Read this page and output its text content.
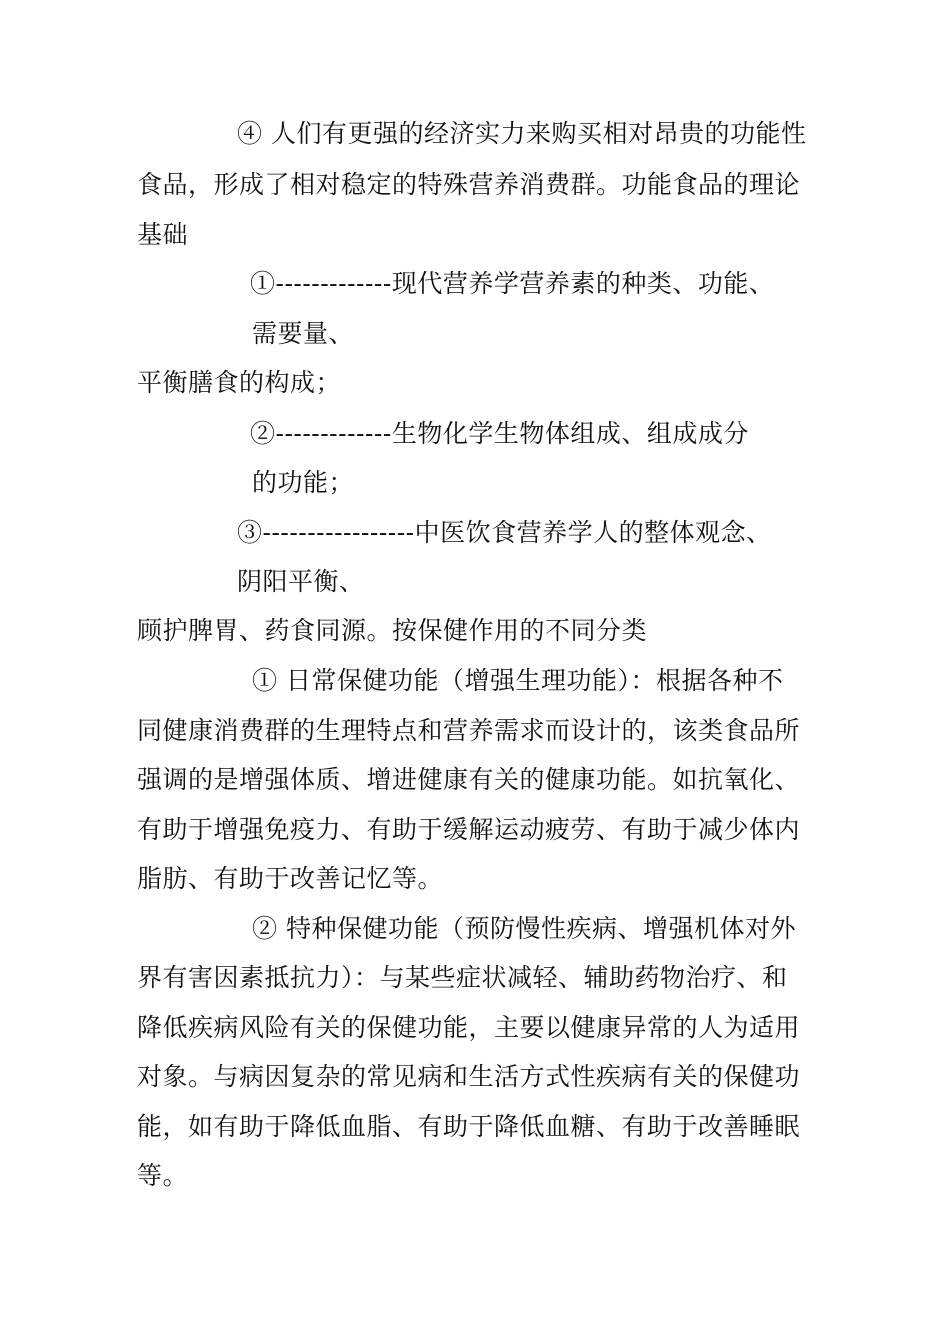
④ 人们有更强的经济实力来购买相对昂贵的功能性
食品，形成了相对稳定的特殊营养消费群。功能食品的理论
基础
①-------------现代营养学营养素的种类、功能、
需要量、
平衡膳食的构成；
②-------------生物化学生物体组成、组成成分
的功能；
③-----------------中医饮食营养学人的整体观念、
阴阳平衡、
顾护脾胃、药食同源。按保健作用的不同分类
① 日常保健功能（增强生理功能）：根据各种不
同健康消费群的生理特点和营养需求而设计的，该类食品所
强调的是增强体质、增进健康有关的健康功能。如抗氧化、
有助于增强免疫力、有助于缓解运动疲劳、有助于减少体内
脂肪、有助于改善记忆等。
② 特种保健功能（预防慢性疾病、增强机体对外
界有害因素抵抗力）：与某些症状减轻、辅助药物治疗、和
降低疾病风险有关的保健功能，主要以健康异常的人为适用
对象。与病因复杂的常见病和生活方式性疾病有关的保健功
能，如有助于降低血脂、有助于降低血糖、有助于改善睡眠
等。
